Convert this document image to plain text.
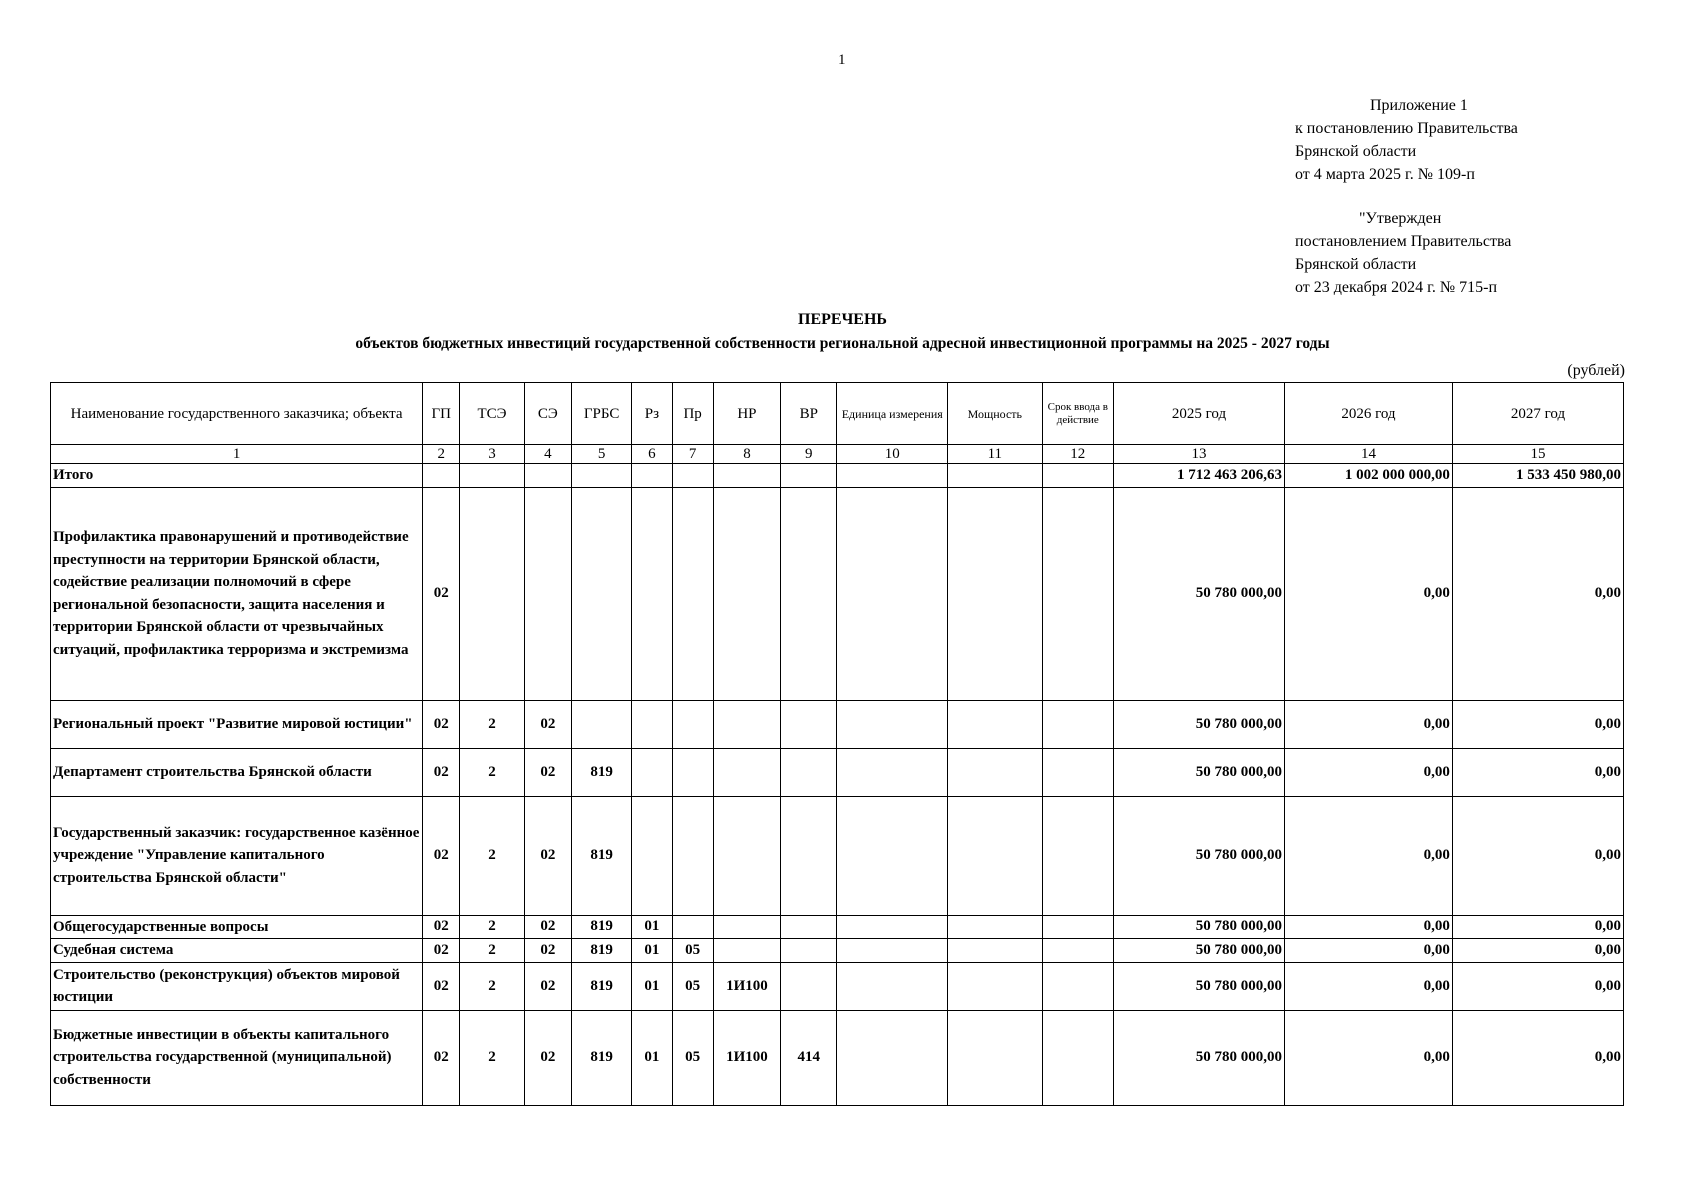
1
Приложение 1
к постановлению Правительства
Брянской области
от 4 марта 2025 г. № 109-п
"Утвержден
постановлением Правительства
Брянской области
от 23 декабря 2024 г. № 715-п
ПЕРЕЧЕНЬ
объектов бюджетных инвестиций государственной собственности региональной адресной инвестиционной программы на 2025 - 2027 годы
(рублей)
Наименование государственного заказчика; объекта	ГП	ТСЭ	СЭ	ГРБС	Рз	Пр	НР	ВР	Единица измерения	Мощность	Срок ввода в действие	2025 год	2026 год	2027 год
1	2	3	4	5	6	7	8	9	10	11	12	13	14	15
Итого												1 712 463 206,63	1 002 000 000,00	1 533 450 980,00
Профилактика правонарушений и противодействие преступности на территории Брянской области, содействие реализации полномочий в сфере региональной безопасности, защита населения и территории Брянской области от чрезвычайных ситуаций, профилактика терроризма и экстремизма	02											50 780 000,00	0,00	0,00
Региональный проект "Развитие мировой юстиции"	02	2	02									50 780 000,00	0,00	0,00
Департамент строительства Брянской области	02	2	02	819								50 780 000,00	0,00	0,00
Государственный заказчик: государственное казённое учреждение "Управление капитального строительства Брянской области"	02	2	02	819								50 780 000,00	0,00	0,00
Общегосударственные вопросы	02	2	02	819	01							50 780 000,00	0,00	0,00
Судебная система	02	2	02	819	01	05						50 780 000,00	0,00	0,00
Строительство (реконструкция) объектов мировой юстиции	02	2	02	819	01	05	1И100					50 780 000,00	0,00	0,00
Бюджетные инвестиции в объекты капитального строительства государственной (муниципальной) собственности	02	2	02	819	01	05	1И100	414				50 780 000,00	0,00	0,00
